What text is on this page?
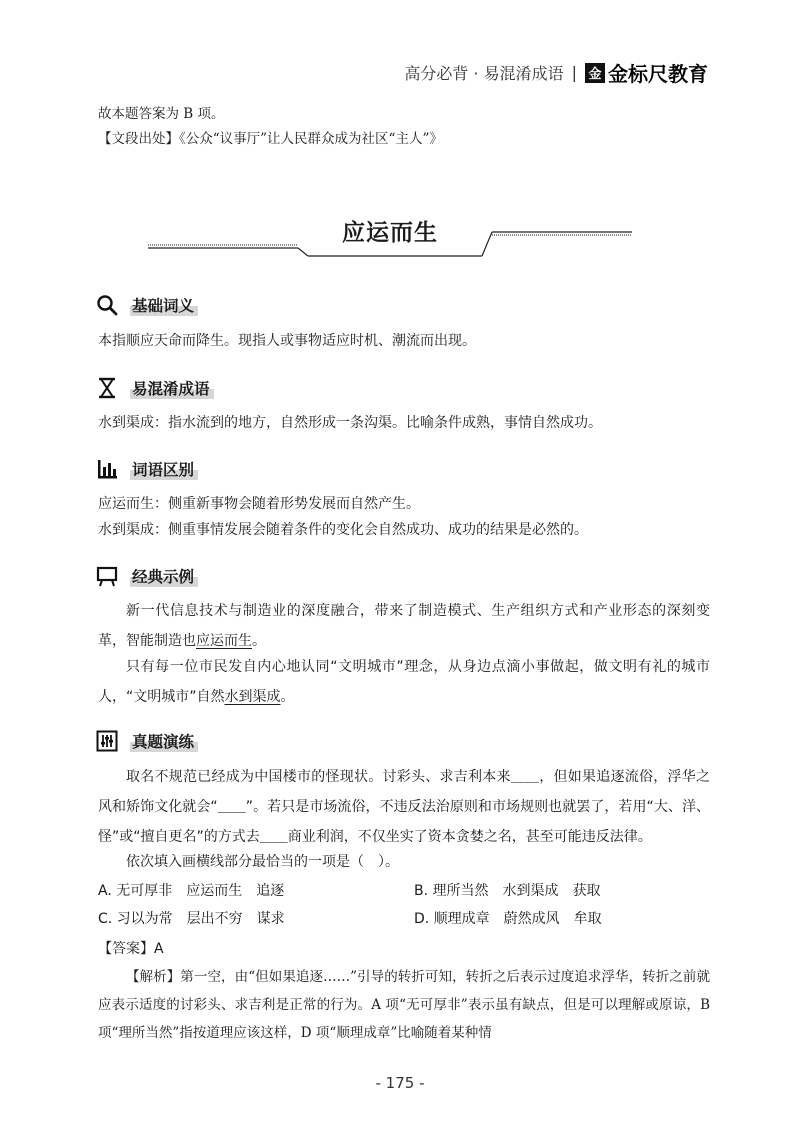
高分必背 · 易混淆成语 | 金 金标尺教育
故本题答案为 B 项。
【文段出处】《公众“议事厅”让人民群众成为社区“主人”》
应运而生
基础词义
本指顺应天命而降生。现指人或事物适应时机、潮流而出现。
易混淆成语
水到渠成：指水流到的地方，自然形成一条沟渠。比喻条件成熟，事情自然成功。
词语区别
应运而生：侧重新事物会随着形势发展而自然产生。
水到渠成：侧重事情发展会随着条件的变化会自然成功、成功的结果是必然的。
经典示例
新一代信息技术与制造业的深度融合，带来了制造模式、生产组织方式和产业形态的深刻变革，智能制造也应运而生。
只有每一位市民发自内心地认同“文明城市”理念，从身边点滴小事做起，做文明有礼的城市人，“文明城市”自然水到渠成。
真题演练
取名不规范已经成为中国楼市的怪现状。讨彩头、求吉利本来＿＿，但如果追逐流俗，浮华之风和矫饰文化就会“＿＿”。若只是市场流俗，不违反法治原则和市场规则也就罢了，若用“大、洋、怪”或“擅自更名”的方式去＿＿商业利润，不仅坐实了资本贪婪之名，甚至可能违反法律。
依次填入画横线部分最恰当的一项是（　）。
A. 无可厚非　应运而生　追逐	B. 理所当然　水到渠成　获取
C. 习以为常　层出不穷　谋求	D. 顺理成章　蔚然成风　牟取
【答案】A
【解析】第一空，由“但如果追逐……”引导的转折可知，转折之后表示过度追求浮华，转折之前就应表示适度的讨彩头、求吉利是正常的行为。A 项“无可厚非”表示虽有缺点，但是可以理解或原谅，B 项“理所当然”指按道理应该这样，D 项“顺理成章”比喻随着某种情
- 175 -
